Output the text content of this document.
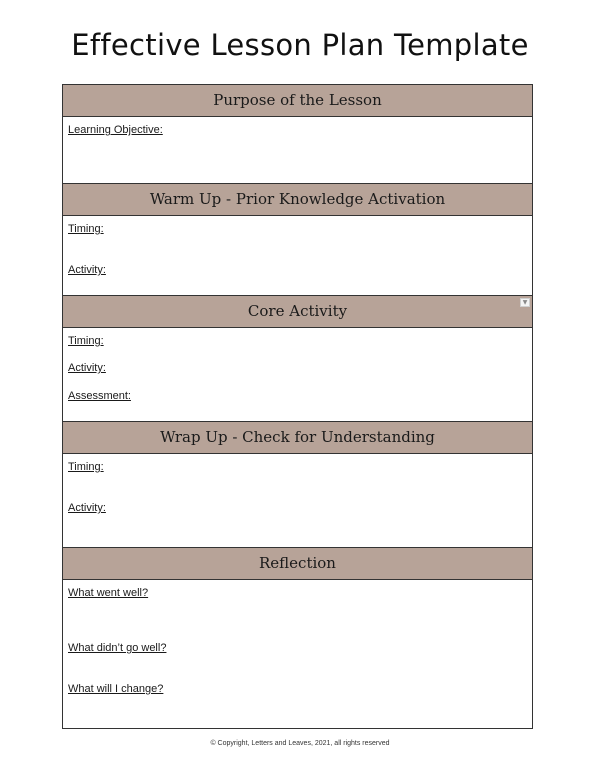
Effective Lesson Plan Template
Purpose of the Lesson
Learning Objective:
Warm Up - Prior Knowledge Activation
Timing:
Activity:
Core Activity	▼
Timing:
Activity:
Assessment:
Wrap Up - Check for Understanding
Timing:
Activity:
Reflection
What went well?
What didn’t go well?
What will I change?
© Copyright, Letters and Leaves, 2021, all rights reserved
